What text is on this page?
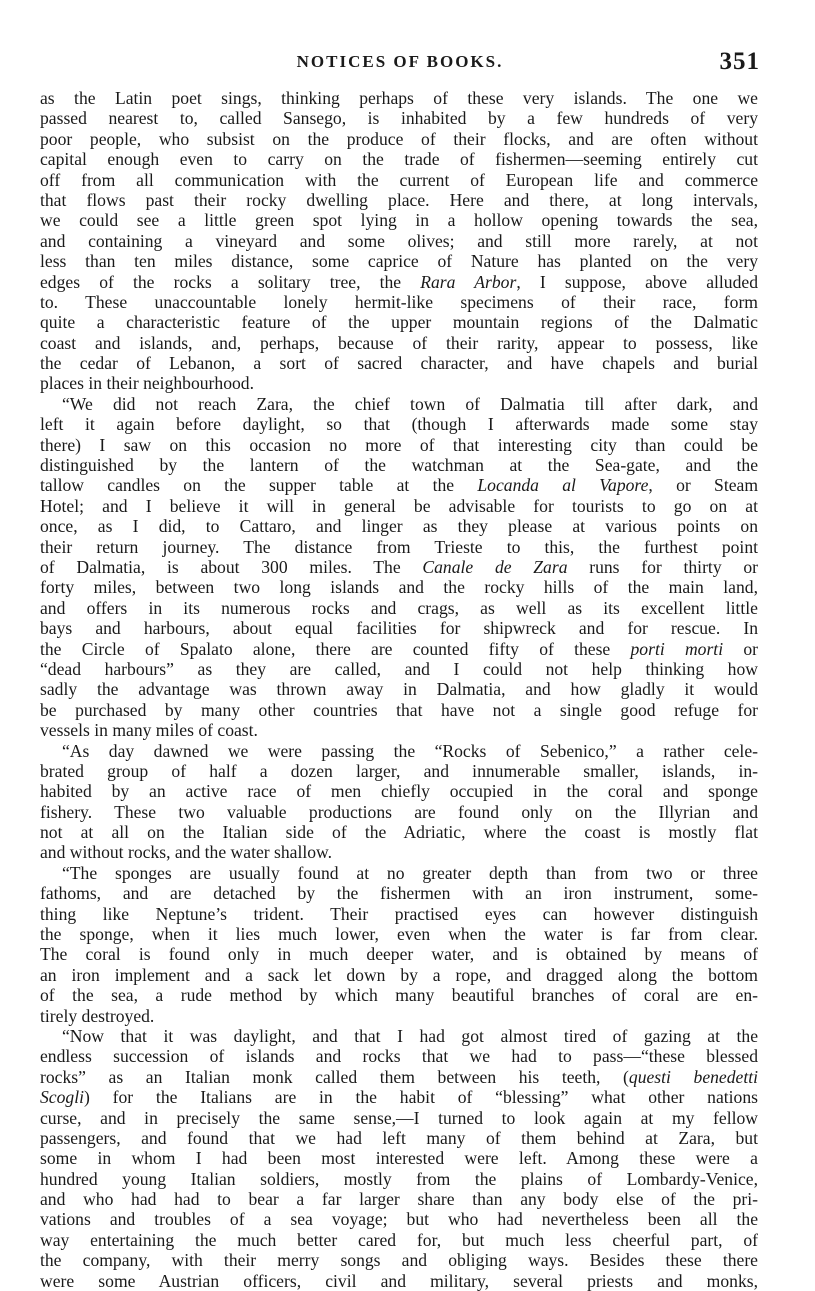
NOTICES OF BOOKS.	351
as the Latin poet sings, thinking perhaps of these very islands. The one we
passed nearest to, called Sansego, is inhabited by a few hundreds of very
poor people, who subsist on the produce of their flocks, and are often without
capital enough even to carry on the trade of fishermen—seeming entirely cut
off from all communication with the current of European life and commerce
that flows past their rocky dwelling place. Here and there, at long intervals,
we could see a little green spot lying in a hollow opening towards the sea,
and containing a vineyard and some olives; and still more rarely, at not
less than ten miles distance, some caprice of Nature has planted on the very
edges of the rocks a solitary tree, the Rara Arbor, I suppose, above alluded
to. These unaccountable lonely hermit-like specimens of their race, form
quite a characteristic feature of the upper mountain regions of the Dalmatic
coast and islands, and, perhaps, because of their rarity, appear to possess, like
the cedar of Lebanon, a sort of sacred character, and have chapels and burial
places in their neighbourhood.
“We did not reach Zara, the chief town of Dalmatia till after dark, and
left it again before daylight, so that (though I afterwards made some stay
there) I saw on this occasion no more of that interesting city than could be
distinguished by the lantern of the watchman at the Sea-gate, and the
tallow candles on the supper table at the Locanda al Vapore, or Steam
Hotel; and I believe it will in general be advisable for tourists to go on at
once, as I did, to Cattaro, and linger as they please at various points on
their return journey. The distance from Trieste to this, the furthest point
of Dalmatia, is about 300 miles. The Canale de Zara runs for thirty or
forty miles, between two long islands and the rocky hills of the main land,
and offers in its numerous rocks and crags, as well as its excellent little
bays and harbours, about equal facilities for shipwreck and for rescue. In
the Circle of Spalato alone, there are counted fifty of these porti morti or
“dead harbours” as they are called, and I could not help thinking how
sadly the advantage was thrown away in Dalmatia, and how gladly it would
be purchased by many other countries that have not a single good refuge for
vessels in many miles of coast.
“As day dawned we were passing the “Rocks of Sebenico,” a rather cele-
brated group of half a dozen larger, and innumerable smaller, islands, in-
habited by an active race of men chiefly occupied in the coral and sponge
fishery. These two valuable productions are found only on the Illyrian and
not at all on the Italian side of the Adriatic, where the coast is mostly flat
and without rocks, and the water shallow.
“The sponges are usually found at no greater depth than from two or three
fathoms, and are detached by the fishermen with an iron instrument, some-
thing like Neptune’s trident. Their practised eyes can however distinguish
the sponge, when it lies much lower, even when the water is far from clear.
The coral is found only in much deeper water, and is obtained by means of
an iron implement and a sack let down by a rope, and dragged along the bottom
of the sea, a rude method by which many beautiful branches of coral are en-
tirely destroyed.
“Now that it was daylight, and that I had got almost tired of gazing at the
endless succession of islands and rocks that we had to pass—“these blessed
rocks” as an Italian monk called them between his teeth, (questi benedetti
Scogli) for the Italians are in the habit of “blessing” what other nations
curse, and in precisely the same sense,—I turned to look again at my fellow
passengers, and found that we had left many of them behind at Zara, but
some in whom I had been most interested were left. Among these were a
hundred young Italian soldiers, mostly from the plains of Lombardy-Venice,
and who had had to bear a far larger share than any body else of the pri-
vations and troubles of a sea voyage; but who had nevertheless been all the
way entertaining the much better cared for, but much less cheerful part, of
the company, with their merry songs and obliging ways. Besides these there
were some Austrian officers, civil and military, several priests and monks,
